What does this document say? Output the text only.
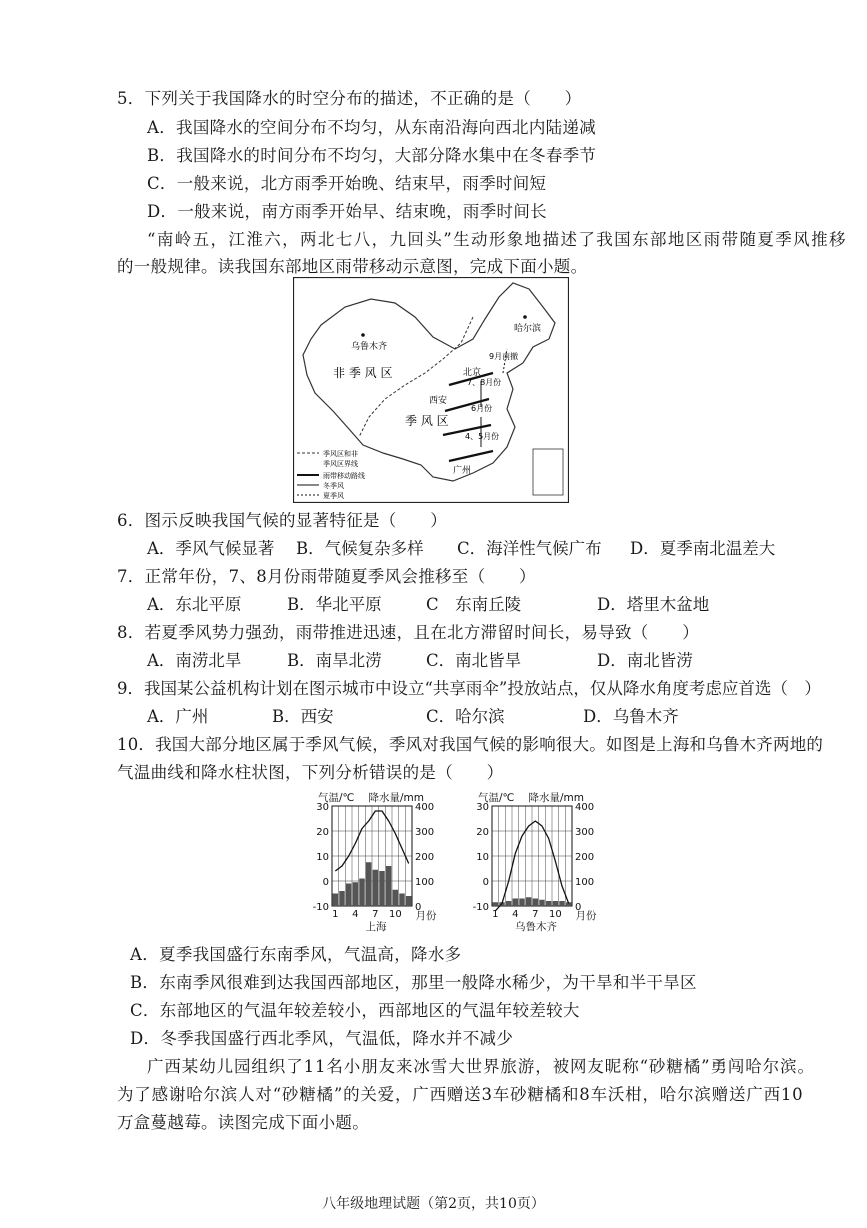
5．下列关于我国降水的时空分布的描述，不正确的是（　　）
A．我国降水的空间分布不均匀，从东南沿海向西北内陆递减
B．我国降水的时间分布不均匀，大部分降水集中在冬春季节
C．一般来说，北方雨季开始晚、结束早，雨季时间短
D．一般来说，南方雨季开始早、结束晚，雨季时间长
“南岭五，江淮六，两北七八，九回头”生动形象地描述了我国东部地区雨带随夏季风推移
的一般规律。读我国东部地区雨带移动示意图，完成下面小题。
乌鲁木齐
哈尔滨
北京
西安
广州
非 季 风 区
季 风 区
9月南撤
7、8月份
6月份
4、5月份
季风区和非
季风区界线
雨带移动路线
冬季风
夏季风
6．图示反映我国气候的显著特征是（　　）
A．季风气候显著 B．气候复杂多样 C．海洋性气候广布 D．夏季南北温差大
7．正常年份，7、8月份雨带随夏季风会推移至（　　）
A．东北平原	B．华北平原	C　东南丘陵	D．塔里木盆地
8．若夏季风势力强劲，雨带推进迅速，且在北方滞留时间长，易导致（　　）
A．南涝北旱	B．南旱北涝	C．南北皆旱	D．南北皆涝
9．我国某公益机构计划在图示城市中设立“共享雨伞”投放站点，仅从降水角度考虑应首选（　）
A．广州	B．西安	C．哈尔滨	D．乌鲁木齐
10．我国大部分地区属于季风气候，季风对我国气候的影响很大。如图是上海和乌鲁木齐两地的
气温曲线和降水柱状图，下列分析错误的是（　　）
气温/℃ 降水量/mm
30
20
10
0
-10
400
300
200
100
0
1 4 7 10 月份
上海
气温/℃ 降水量/mm
30
20
10
0
-10
400
300
200
100
0
1 4 7 10 月份
乌鲁木齐
A．夏季我国盛行东南季风，气温高，降水多
B．东南季风很难到达我国西部地区，那里一般降水稀少，为干旱和半干旱区
C．东部地区的气温年较差较小，西部地区的气温年较差较大
D．冬季我国盛行西北季风，气温低，降水并不减少
广西某幼儿园组织了11名小朋友来冰雪大世界旅游，被网友昵称“砂糖橘”勇闯哈尔滨。
为了感谢哈尔滨人对“砂糖橘”的关爱，广西赠送3车砂糖橘和8车沃柑，哈尔滨赠送广西10
万盒蔓越莓。读图完成下面小题。
八年级地理试题（第2页，共10页）
